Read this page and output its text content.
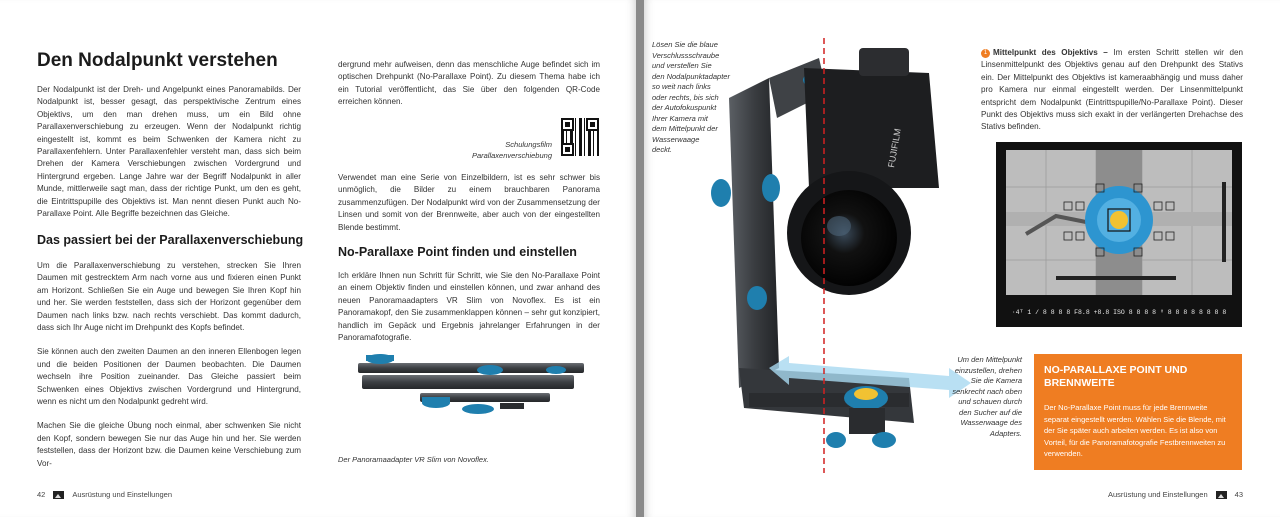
Den Nodalpunkt verstehen

Der Nodalpunkt ist der Dreh- und Angelpunkt eines Panoramabilds. Der Nodalpunkt ist, besser gesagt, das perspektivische Zentrum eines Objektivs, um den man drehen muss, um ein Bild ohne Parallaxenverschiebung zu erzeugen. Wenn der Nodalpunkt richtig eingestellt ist, kommt es beim Schwenken der Kamera nicht zu Parallaxenfehlern. Unter Parallaxenfehler versteht man, dass sich beim Drehen der Kamera Verschiebungen zwischen Vordergrund und Hintergrund ergeben. Lange Jahre war der Begriff Nodalpunkt in aller Munde, mittlerweile sagt man, dass der richtige Punkt, um den es geht, die Eintrittspupille des Objektivs ist. Man nennt diesen Punkt auch No-Parallaxe Point. Alle Begriffe bezeichnen das Gleiche.

Das passiert bei der Parallaxenverschiebung

Um die Parallaxenverschiebung zu verstehen, strecken Sie Ihren Daumen mit gestrecktem Arm nach vorne aus und fixieren einen Punkt am Horizont. Schließen Sie ein Auge und bewegen Sie Ihren Kopf hin und her. Sie werden feststellen, dass sich der Horizont gegenüber dem Daumen nach links bzw. nach rechts verschiebt. Das kommt dadurch, dass sich Ihr Auge nicht im Drehpunkt des Kopfs befindet.

Sie können auch den zweiten Daumen an den inneren Ellenbogen legen und die beiden Positionen der Daumen beobachten. Die Daumen wechseln ihre Position zueinander. Das Gleiche passiert beim Schwenken eines Objektivs zwischen Vordergrund und Hintergrund, wenn es nicht um den Nodalpunkt gedreht wird.

Machen Sie die gleiche Übung noch einmal, aber schwenken Sie nicht den Kopf, sondern bewegen Sie nur das Auge hin und her. Sie werden feststellen, dass der Horizont bzw. die Daumen keine Verschiebung zum Vor-

dergrund mehr aufweisen, denn das menschliche Auge befindet sich im optischen Drehpunkt (No-Parallaxe Point). Zu diesem Thema habe ich ein Tutorial veröffentlicht, das Sie über den folgenden QR-Code erreichen können.

Schulungsfilm
Parallaxenverschiebung

Verwendet man eine Serie von Einzelbildern, ist es sehr schwer bis unmöglich, die Bilder zu einem brauchbaren Panorama zusammenzufügen. Der Nodalpunkt wird von der Zusammensetzung der Linsen und somit von der Brennweite, aber auch von der eingestellten Blende bestimmt.

No-Parallaxe Point finden und einstellen

Ich erkläre Ihnen nun Schritt für Schritt, wie Sie den No-Parallaxe Point an einem Objektiv finden und einstellen können, und zwar anhand des neuen Panoramaadapters VR Slim von Novoflex. Es ist ein Panoramakopf, den Sie zusammenklappen können – sehr gut konzipiert, handlich im Gepäck und Ergebnis jahrelanger Erfahrungen in der Panoramafotografie.

Der Panoramaadapter VR Slim von Novoflex.
42	Ausrüstung und Einstellungen
Lösen Sie die blaue
Verschlussschraube
und verstellen Sie
den Nodalpunktadapter
so weit nach links
oder rechts, bis sich
der Autofokuspunkt
Ihrer Kamera mit
dem Mittelpunkt der
Wasserwaage
deckt.	FUJIFILM
1 Mittelpunkt des Objektivs – Im ersten Schritt stellen wir den Linsenmittelpunkt des Objektivs genau auf den Drehpunkt des Stativs ein. Der Mittelpunkt des Objektivs ist kameraabhängig und muss daher pro Kamera nur einmal eingestellt werden. Der Linsenmittelpunkt entspricht dem Nodalpunkt (Eintrittspupille/No-Parallaxe Point). Dieser Punkt des Objektivs muss sich exakt in der verlängerten Drehachse des Stativs befinden.
·4ᵀ 1 / 8 8 8 8 F8.8 +8.8 ISO 8 8 8 8 ⁸ 8 8 8 8 8 8 8 8
Um den Mittelpunkt
einzustellen, drehen
Sie die Kamera
senkrecht nach oben
und schauen durch
den Sucher auf die
Wasserwaage des
Adapters.
NO-PARALLAXE POINT UND
BRENNWEITE
Der No-Parallaxe Point muss für jede Brennweite separat eingestellt werden. Wählen Sie die Blende, mit der Sie später auch arbeiten werden. Es ist also von Vorteil, für die Panoramafotografie Festbrennweiten zu verwenden.
Ausrüstung und Einstellungen	43
